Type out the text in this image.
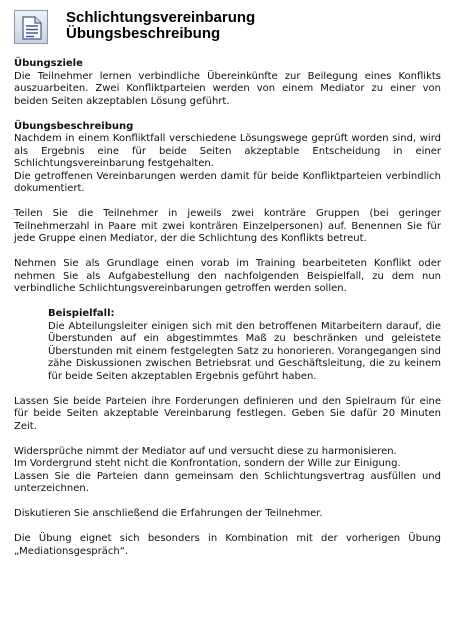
Schlichtungsvereinbarung
Übungsbeschreibung

Übungsziele

Die Teilnehmer lernen verbindliche Übereinkünfte zur Beilegung eines Konflikts auszuarbeiten. Zwei Konfliktparteien werden von einem Mediator zu einer von beiden Seiten akzeptablen Lösung geführt.

Übungsbeschreibung

Nachdem in einem Konfliktfall verschiedene Lösungswege geprüft worden sind, wird als Ergebnis eine für beide Seiten akzeptable Entscheidung in einer Schlichtungsvereinbarung festgehalten.

Die getroffenen Vereinbarungen werden damit für beide Konfliktparteien verbindlich dokumentiert.

Teilen Sie die Teilnehmer in jeweils zwei konträre Gruppen (bei geringer Teilnehmerzahl in Paare mit zwei konträren Einzelpersonen) auf. Benennen Sie für jede Gruppe einen Mediator, der die Schlichtung des Konflikts betreut.

Nehmen Sie als Grundlage einen vorab im Training bearbeiteten Konflikt oder nehmen Sie als Aufgabestellung den nachfolgenden Beispielfall, zu dem nun verbindliche Schlichtungsvereinbarungen getroffen werden sollen.

Beispielfall:

Die Abteilungsleiter einigen sich mit den betroffenen Mitarbeitern darauf, die Überstunden auf ein abgestimmtes Maß zu beschränken und geleistete Überstunden mit einem festgelegten Satz zu honorieren. Vorangegangen sind zähe Diskussionen zwischen Betriebsrat und Geschäftsleitung, die zu keinem für beide Seiten akzeptablen Ergebnis geführt haben.

Lassen Sie beide Parteien ihre Forderungen definieren und den Spielraum für eine für beide Seiten akzeptable Vereinbarung festlegen. Geben Sie dafür 20 Minuten Zeit.

Widersprüche nimmt der Mediator auf und versucht diese zu harmonisieren.

Im Vordergrund steht nicht die Konfrontation, sondern der Wille zur Einigung.

Lassen Sie die Parteien dann gemeinsam den Schlichtungsvertrag ausfüllen und unterzeichnen.

Diskutieren Sie anschließend die Erfahrungen der Teilnehmer.

Die Übung eignet sich besonders in Kombination mit der vorherigen Übung „Mediationsgespräch“.
